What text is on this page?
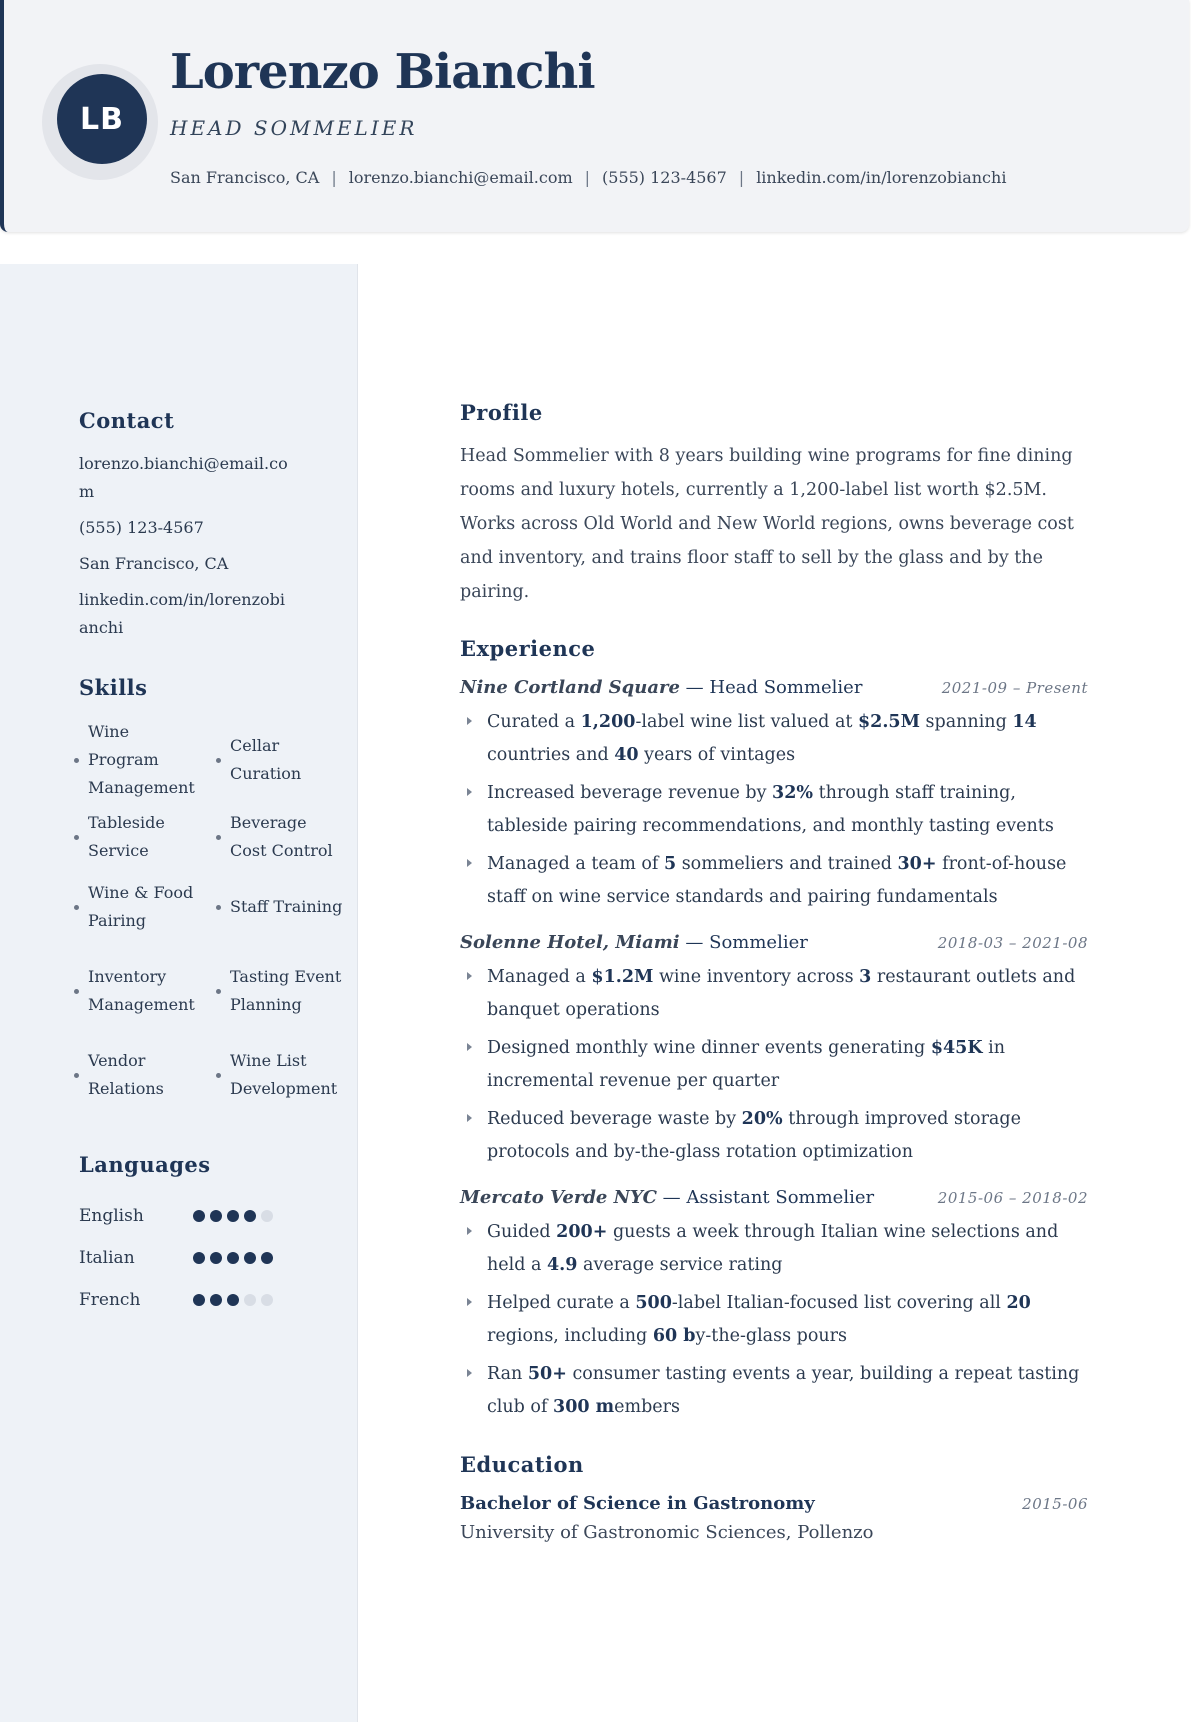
LB
Lorenzo Bianchi
HEAD SOMMELIER
San Francisco, CA | lorenzo.bianchi@email.com | (555) 123-4567 | linkedin.com/in/lorenzobianchi
Contact
lorenzo.bianchi@email.com
(555) 123-4567
San Francisco, CA
linkedin.com/in/lorenzobianchi
Skills
Wine Program Management
Cellar Curation
Tableside Service
Beverage Cost Control
Wine & Food Pairing
Staff Training
Inventory Management
Tasting Event Planning
Vendor Relations
Wine List Development
Languages
English
Italian
French
Profile
Head Sommelier with 8 years building wine programs for fine dining rooms and luxury hotels, currently a 1,200-label list worth $2.5M. Works across Old World and New World regions, owns beverage cost and inventory, and trains floor staff to sell by the glass and by the pairing.
Experience
Nine Cortland Square — Head Sommelier	2021-09 – Present
Curated a 1,200-label wine list valued at $2.5M spanning 14 countries and 40 years of vintages
Increased beverage revenue by 32% through staff training, tableside pairing recommendations, and monthly tasting events
Managed a team of 5 sommeliers and trained 30+ front-of-house staff on wine service standards and pairing fundamentals
Solenne Hotel, Miami — Sommelier	2018-03 – 2021-08
Managed a $1.2M wine inventory across 3 restaurant outlets and banquet operations
Designed monthly wine dinner events generating $45K in incremental revenue per quarter
Reduced beverage waste by 20% through improved storage protocols and by-the-glass rotation optimization
Mercato Verde NYC — Assistant Sommelier	2015-06 – 2018-02
Guided 200+ guests a week through Italian wine selections and held a 4.9 average service rating
Helped curate a 500-label Italian-focused list covering all 20 regions, including 60 by-the-glass pours
Ran 50+ consumer tasting events a year, building a repeat tasting club of 300 members
Education
Bachelor of Science in Gastronomy	2015-06
University of Gastronomic Sciences, Pollenzo
